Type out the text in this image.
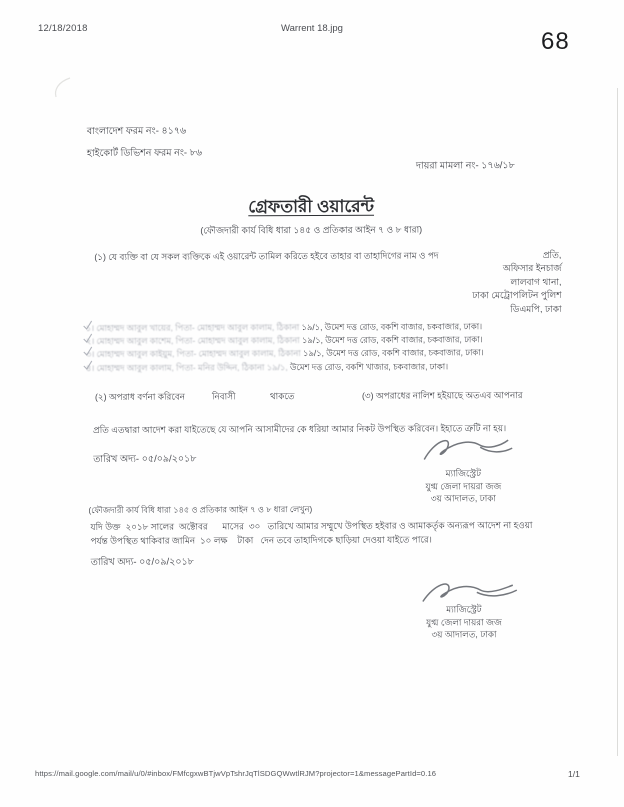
12/18/2018	Warrent 18.jpg	68
বাংলাদেশ ফরম নং- ৪১৭৬
হাইকোর্ট ডিভিশন ফরম নং- ৮৬
দায়রা মামলা নং- ১৭৬/১৮
গ্রেফতারী ওয়ারেন্ট
(ফৌজদারী কার্য বিধি ধারা ১৪৫ ও প্রতিকার আইন ৭ ও ৮ ধারা)
(১) যে ব্যক্তি বা যে সকল ব্যক্তিকে এই ওয়ারেন্ট তামিল করিতে হইবে তাহার বা তাহাদিগের নাম ও পদ	প্রতি,
অফিসার ইনচার্জ
লালবাগ থানা,
ঢাকা মেট্রোপলিটন পুলিশ
ডিএমপি, ঢাকা
১। মোহাম্মদ আবুল খায়ের, পিতা- মোহাম্মদ আবুল কালাম, ঠিকানা ১৯/১, উমেশ দত্ত রোড, বকশি বাজার, চকবাজার, ঢাকা।
২। মোহাম্মদ আবুল কাশেম, পিতা- মোহাম্মদ আবুল কালাম, ঠিকানা ১৯/১, উমেশ দত্ত রোড, বকশি বাজার, চকবাজার, ঢাকা।
৩। মোহাম্মদ আবুল কাইয়ুম, পিতা- মোহাম্মদ আবুল কালাম, ঠিকানা ১৯/১, উমেশ দত্ত রোড, বকশি বাজার, চকবাজার, ঢাকা।
৪। মোহাম্মদ আবুল কালাম, পিতা- মনির উদ্দিন, ঠিকানা ১৯/১, উমেশ দত্ত রোড, বকশি খাজার, চকবাজার, ঢাকা।
(২) অপরাধ বর্ণনা করিবেন	নিবাসী	থাকতে	(৩) অপরাধের নালিশ হইয়াছে অতএব আপনার
প্রতি এতদ্বারা আদেশ করা যাইতেছে যে আপনি আসামীদের কে ধরিয়া আমার নিকট উপস্থিত করিবেন। ইহাতে ত্রুটি না হয়।
তারিখ অদ্য- ০৫/০৯/২০১৮
ম্যাজিস্ট্রেট
যুগ্ম জেলা দায়রা জজ
৩য় আদালত, ঢাকা
(ফৌজদারী কার্য বিধি ধারা ১৪৫ ও প্রতিকার আইন ৭ ও ৮ ধারা লেখুন)
যদি উক্ত  ২০১৮ সালের  অক্টোবর      মাসের  ৩০   তারিখে আমার সম্মুখে উপস্থিত হইবার ও আমাকর্তৃক অন্যরূপ আদেশ না হওয়া
পর্যন্ত উপস্থিত থাকিবার জামিন  ১০ লক্ষ    টাকা   দেন তবে তাহাদিগকে ছাড়িয়া দেওয়া যাইতে পারে।
তারিখ অদ্য- ০৫/০৯/২০১৮
ম্যাজিস্ট্রেট
যুগ্ম জেলা দায়রা জজ
৩য় আদালত, ঢাকা
https://mail.google.com/mail/u/0/#inbox/FMfcgxwBTjwVpTshrJqTlSDGQWwtlRJM?projector=1&messagePartId=0.16	1/1
